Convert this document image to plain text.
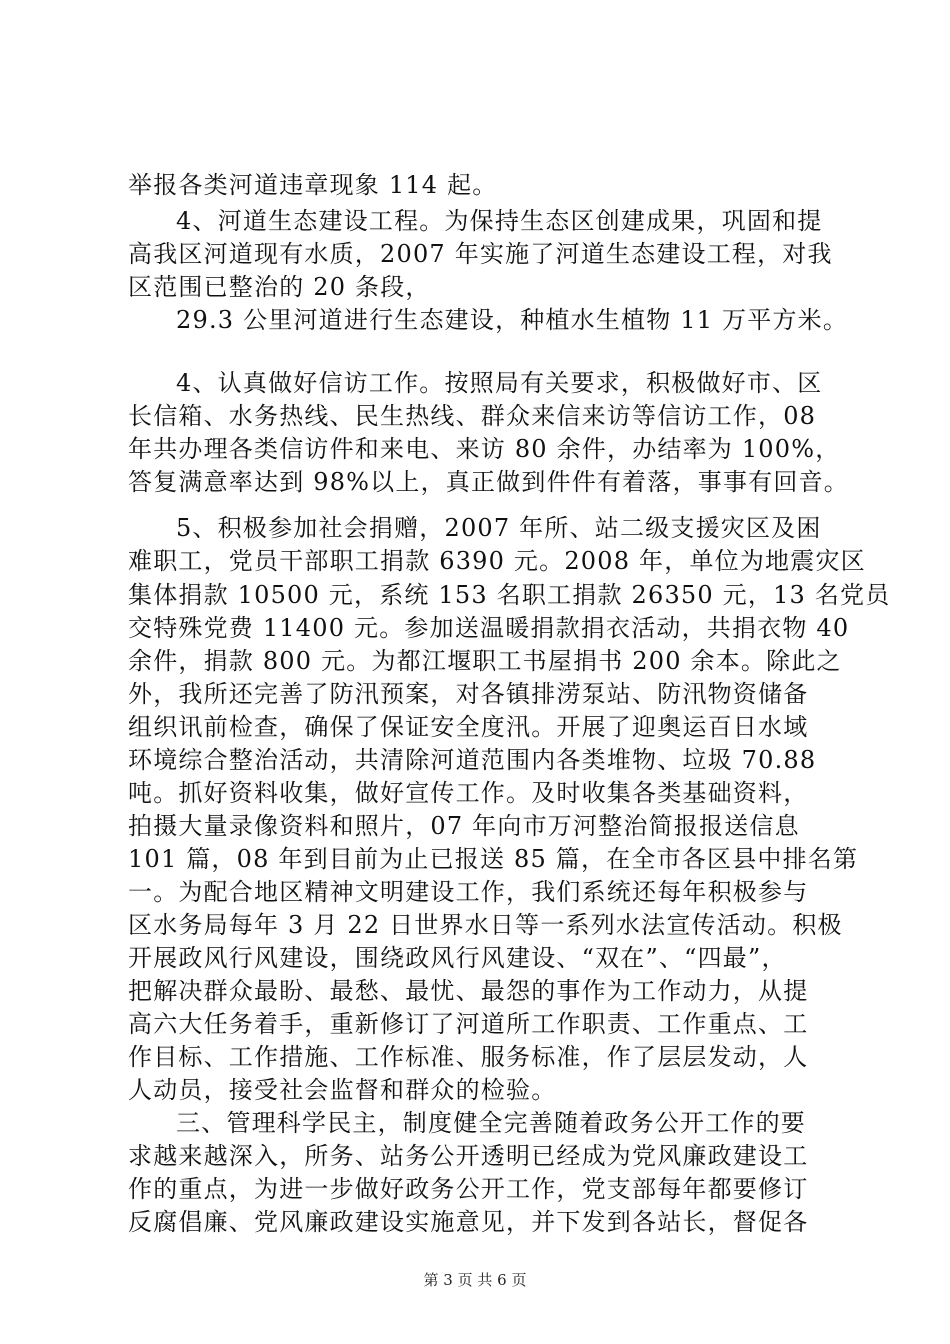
举报各类河道违章现象 114 起。
4、河道生态建设工程。为保持生态区创建成果，巩固和提
高我区河道现有水质，2007 年实施了河道生态建设工程，对我
区范围已整治的 20 条段，
29.3 公里河道进行生态建设，种植水生植物 11 万平方米。
4、认真做好信访工作。按照局有关要求，积极做好市、区
长信箱、水务热线、民生热线、群众来信来访等信访工作，08
年共办理各类信访件和来电、来访 80 余件，办结率为 100%，
答复满意率达到 98%以上，真正做到件件有着落，事事有回音。
5、积极参加社会捐赠，2007 年所、站二级支援灾区及困
难职工，党员干部职工捐款 6390 元。2008 年，单位为地震灾区
集体捐款 10500 元，系统 153 名职工捐款 26350 元，13 名党员
交特殊党费 11400 元。参加送温暖捐款捐衣活动，共捐衣物 40
余件，捐款 800 元。为都江堰职工书屋捐书 200 余本。除此之
外，我所还完善了防汛预案，对各镇排涝泵站、防汛物资储备
组织讯前检查，确保了保证安全度汛。开展了迎奥运百日水域
环境综合整治活动，共清除河道范围内各类堆物、垃圾 70.88
吨。抓好资料收集，做好宣传工作。及时收集各类基础资料，
拍摄大量录像资料和照片，07 年向市万河整治简报报送信息
101 篇，08 年到目前为止已报送 85 篇，在全市各区县中排名第
一。为配合地区精神文明建设工作，我们系统还每年积极参与
区水务局每年 3 月 22 日世界水日等一系列水法宣传活动。积极
开展政风行风建设，围绕政风行风建设、“双在”、“四最”，
把解决群众最盼、最愁、最忧、最怨的事作为工作动力，从提
高六大任务着手，重新修订了河道所工作职责、工作重点、工
作目标、工作措施、工作标准、服务标准，作了层层发动，人
人动员，接受社会监督和群众的检验。
三、管理科学民主，制度健全完善随着政务公开工作的要
求越来越深入，所务、站务公开透明已经成为党风廉政建设工
作的重点，为进一步做好政务公开工作，党支部每年都要修订
反腐倡廉、党风廉政建设实施意见，并下发到各站长，督促各
第 3 页 共 6 页
